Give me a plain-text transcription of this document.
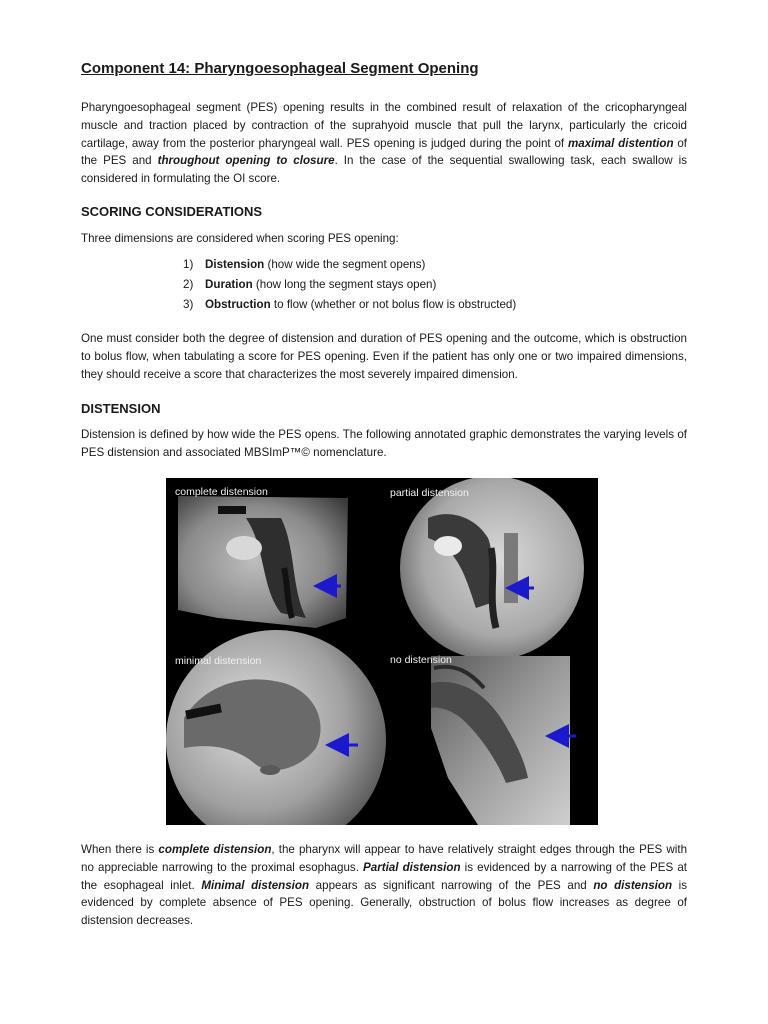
Component 14: Pharyngoesophageal Segment Opening
Pharyngoesophageal segment (PES) opening results in the combined result of relaxation of the cricopharyngeal muscle and traction placed by contraction of the suprahyoid muscle that pull the larynx, particularly the cricoid cartilage, away from the posterior pharyngeal wall. PES opening is judged during the point of maximal distention of the PES and throughout opening to closure. In the case of the sequential swallowing task, each swallow is considered in formulating the OI score.
SCORING CONSIDERATIONS
Three dimensions are considered when scoring PES opening:
1) Distension (how wide the segment opens)
2) Duration (how long the segment stays open)
3) Obstruction to flow (whether or not bolus flow is obstructed)
One must consider both the degree of distension and duration of PES opening and the outcome, which is obstruction to bolus flow, when tabulating a score for PES opening. Even if the patient has only one or two impaired dimensions, they should receive a score that characterizes the most severely impaired dimension.
DISTENSION
Distension is defined by how wide the PES opens. The following annotated graphic demonstrates the varying levels of PES distension and associated MBSImP™© nomenclature.
complete distension	partial distension
minimal distension	no distension
When there is complete distension, the pharynx will appear to have relatively straight edges through the PES with no appreciable narrowing to the proximal esophagus. Partial distension is evidenced by a narrowing of the PES at the esophageal inlet. Minimal distension appears as significant narrowing of the PES and no distension is evidenced by complete absence of PES opening. Generally, obstruction of bolus flow increases as degree of distension decreases.
